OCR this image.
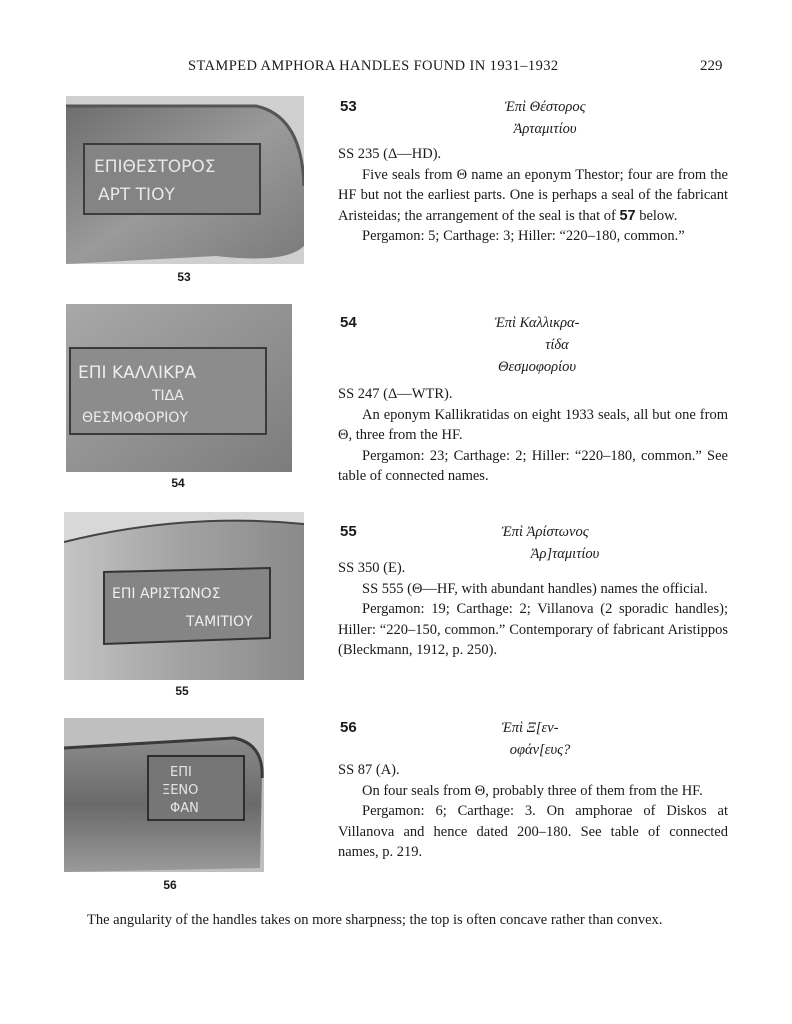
STAMPED AMPHORA HANDLES FOUND IN 1931–1932	229
ΕΠΙΘΕΣΤΟΡΟΣ
ΑΡΤ ΤΙΟΥ
53
53	Ἐπὶ Θέστορος
Ἀρταμιτίου

SS 235 (Δ—HD).

Five seals from Θ name an eponym Thestor; four are from the HF but not the earliest parts. One is perhaps a seal of the fabricant Aristeidas; the arrangement of the seal is that of 57 below.

Pergamon: 5; Carthage: 3; Hiller: “220–180, common.”

ΕΠΙ ΚΑΛΛΙΚΡΑ
ΤΙΔΑ
ΘΕΣΜΟΦΟΡΙΟΥ
54
54	Ἐπὶ Καλλικρα-
τίδα
Θεσμοφορίου

SS 247 (Δ—WTR).

An eponym Kallikratidas on eight 1933 seals, all but one from Θ, three from the HF.

Pergamon: 23; Carthage: 2; Hiller: “220–180, common.” See table of connected names.

ΕΠΙ ΑΡΙΣΤΩΝΟΣ
ΤΑΜΙΤΙΟΥ
55
55	Ἐπὶ Ἀρίστωνος
Ἀρ]ταμιτίου

SS 350 (E).

SS 555 (Θ—HF, with abundant handles) names the official.

Pergamon: 19; Carthage: 2; Villanova (2 sporadic handles); Hiller: “220–150, common.” Contemporary of fabricant Aristippos (Bleckmann, 1912, p. 250).

ΕΠΙ
ΞΕΝΟ
ΦΑΝ
56
56	Ἐπὶ Ξ[εν-
οφάν[ευς?

SS 87 (A).

On four seals from Θ, probably three of them from the HF.

Pergamon: 6; Carthage: 3. On amphorae of Diskos at Villanova and hence dated 200–180. See table of connected names, p. 219.

The angularity of the handles takes on more sharpness; the top is often concave rather than convex.
